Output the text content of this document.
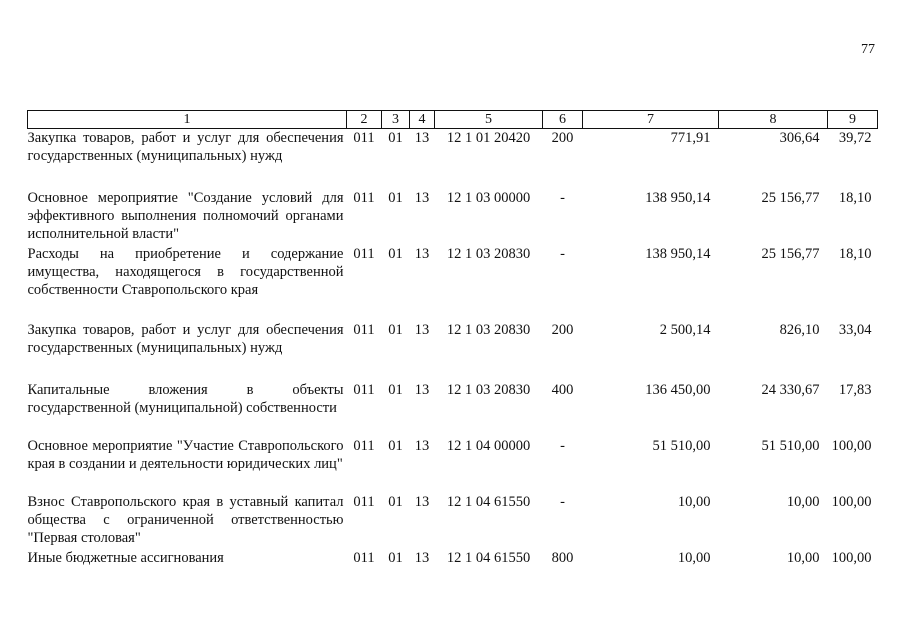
77
1	2	3	4	5	6	7	8	9
Закупка товаров, работ и услуг для обеспечения государственных (муниципальных) нужд	011	01	13	12 1 01 20420	200	771,91	306,64	39,72
Основное мероприятие "Создание условий для эффективного выполнения полномочий органами исполнительной власти"	011	01	13	12 1 03 00000	-	138 950,14	25 156,77	18,10
Расходы на приобретение и содержание имущества, находящегося в государственной собственности Ставропольского края	011	01	13	12 1 03 20830	-	138 950,14	25 156,77	18,10
Закупка товаров, работ и услуг для обеспечения государственных (муниципальных) нужд	011	01	13	12 1 03 20830	200	2 500,14	826,10	33,04
Капитальные вложения в объекты государственной (муниципальной) собственности	011	01	13	12 1 03 20830	400	136 450,00	24 330,67	17,83
Основное мероприятие "Участие Ставропольского края в создании и деятельности юридических лиц"	011	01	13	12 1 04 00000	-	51 510,00	51 510,00	100,00
Взнос Ставропольского края в уставный капитал общества с ограниченной ответственностью "Первая столовая"	011	01	13	12 1 04 61550	-	10,00	10,00	100,00
Иные бюджетные ассигнования	011	01	13	12 1 04 61550	800	10,00	10,00	100,00
